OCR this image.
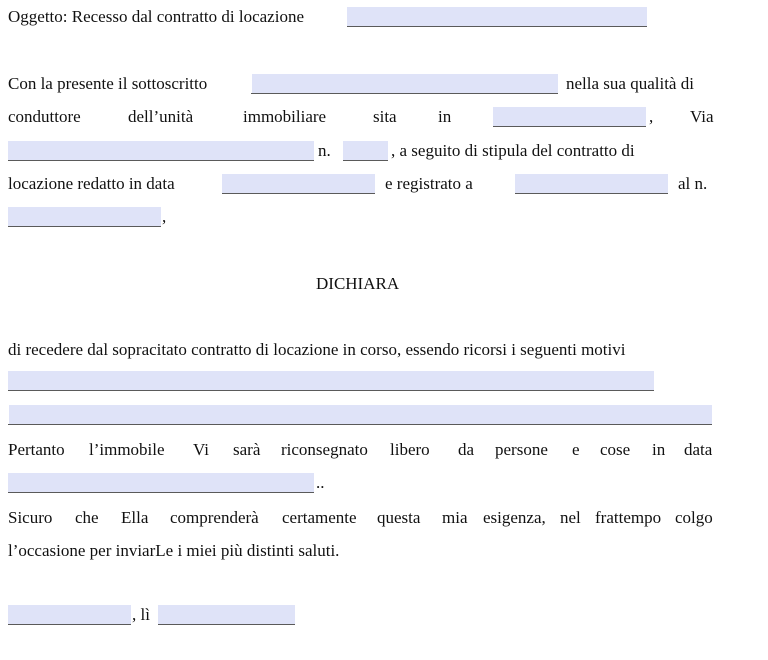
Oggetto: Recesso dal contratto di locazione
Con la presente il sottoscritto	nella sua qualità di
conduttore	dell’unità	immobiliare	sita in	, Via
n.	, a seguito di stipula del contratto di
locazione redatto in data	e registrato a	al n.
,
DICHIARA
di recedere dal sopracitato contratto di locazione in corso, essendo ricorsi i seguenti motivi
Pertanto l’immobile Vi sarà riconsegnato libero da persone e cose in data
..
Sicuro che Ella comprenderà certamente questa mia esigenza, nel frattempo colgo
l’occasione per inviarLe i miei più distinti saluti.
, lì
